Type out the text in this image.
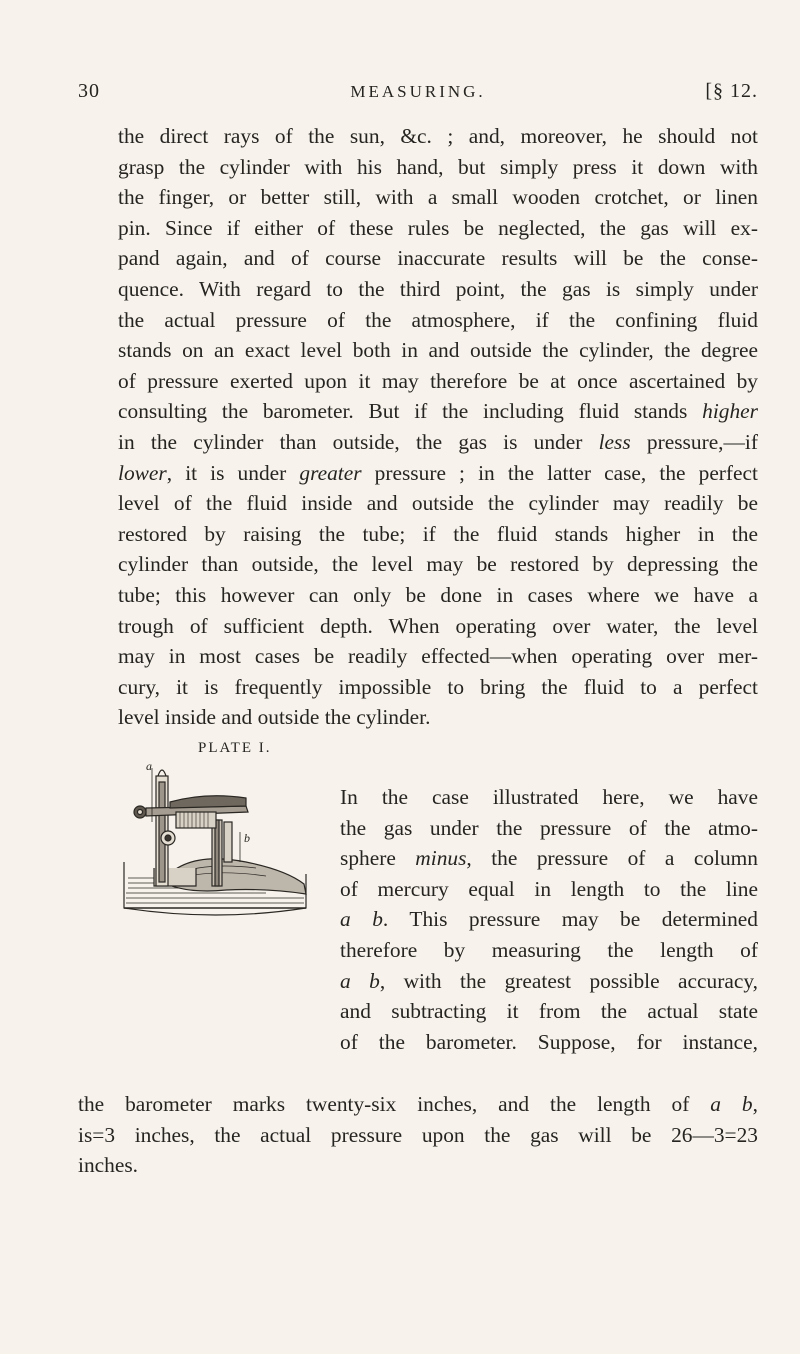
30	MEASURING.	[§ 12.
the direct rays of the sun, &c. ; and, moreover, he should not
grasp the cylinder with his hand, but simply press it down with
the finger, or better still, with a small wooden crotchet, or linen
pin. Since if either of these rules be neglected, the gas will ex-
pand again, and of course inaccurate results will be the conse-
quence. With regard to the third point, the gas is simply under
the actual pressure of the atmosphere, if the confining fluid
stands on an exact level both in and outside the cylinder, the degree
of pressure exerted upon it may therefore be at once ascertained by
consulting the barometer. But if the including fluid stands higher
in the cylinder than outside, the gas is under less pressure,—if
lower, it is under greater pressure ; in the latter case, the perfect
level of the fluid inside and outside the cylinder may readily be
restored by raising the tube; if the fluid stands higher in the
cylinder than outside, the level may be restored by depressing the
tube; this however can only be done in cases where we have a
trough of sufficient depth. When operating over water, the level
may in most cases be readily effected—when operating over mer-
cury, it is frequently impossible to bring the fluid to a perfect
level inside and outside the cylinder.
PLATE I.
a
b
In the case illustrated here, we have
the gas under the pressure of the atmo-
sphere minus, the pressure of a column
of mercury equal in length to the line
a b. This pressure may be determined
therefore by measuring the length of
a b, with the greatest possible accuracy,
and subtracting it from the actual state
of the barometer. Suppose, for instance,
the barometer marks twenty-six inches, and the length of a b,
is=3 inches, the actual pressure upon the gas will be 26—3=23
inches.
